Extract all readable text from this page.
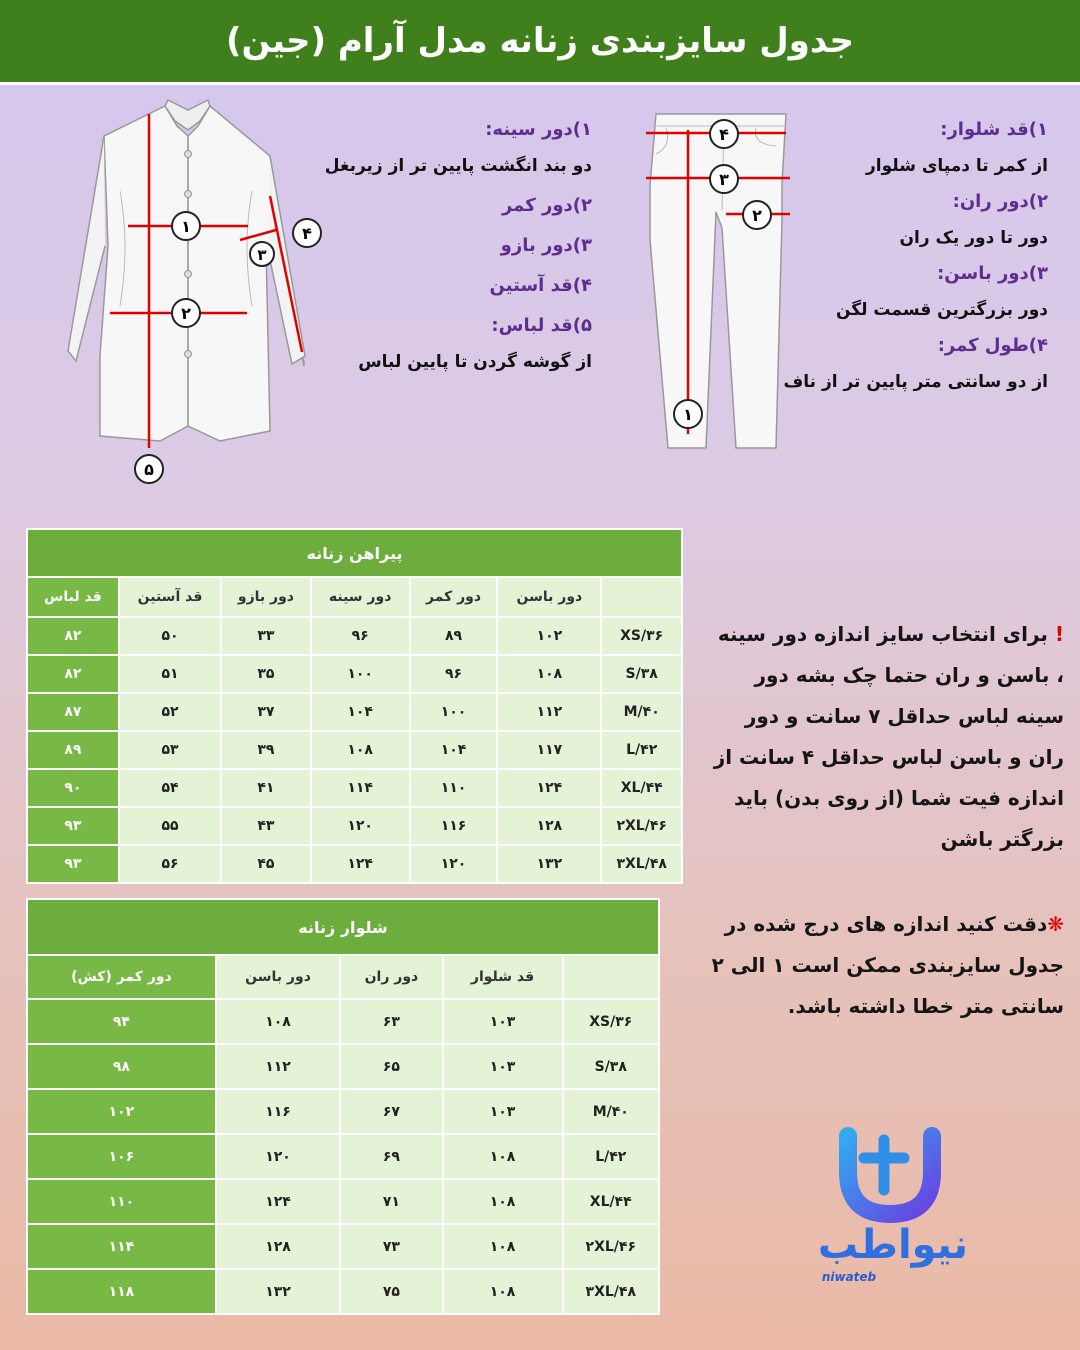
جدول سایزبندی زنانه مدل آرام (جین)
۱
۲
۳
۴
۵

۱)دور سینه:

دو بند انگشت پایین تر از زیربغل

۲)دور کمر

۳)دور بازو

۴)قد آستین

۵)قد لباس:

از گوشه گردن تا پایین لباس

۴
۳
۲
۱

۱)قد شلوار:

از کمر تا دمپای شلوار

۲)دور ران:

دور تا دور یک ران

۳)دور باسن:

دور بزرگترین قسمت لگن

۴)طول کمر:

از دو سانتی متر پایین تر از ناف

پیراهن زنانه						
	دور باسن	دور کمر	دور سینه	دور بازو	قد آستین	قد لباس
XS/۳۶	۱۰۲	۸۹	۹۶	۳۳	۵۰	۸۲
S/۳۸	۱۰۸	۹۶	۱۰۰	۳۵	۵۱	۸۲
M/۴۰	۱۱۲	۱۰۰	۱۰۴	۳۷	۵۲	۸۷
L/۴۲	۱۱۷	۱۰۴	۱۰۸	۳۹	۵۳	۸۹
XL/۴۴	۱۲۴	۱۱۰	۱۱۴	۴۱	۵۴	۹۰
۲XL/۴۶	۱۲۸	۱۱۶	۱۲۰	۴۳	۵۵	۹۳
۳XL/۴۸	۱۳۲	۱۲۰	۱۲۴	۴۵	۵۶	۹۳
شلوار زنانه				
	قد شلوار	دور ران	دور باسن	دور کمر (کش)
XS/۳۶	۱۰۳	۶۳	۱۰۸	۹۴
S/۳۸	۱۰۳	۶۵	۱۱۲	۹۸
M/۴۰	۱۰۳	۶۷	۱۱۶	۱۰۲
L/۴۲	۱۰۸	۶۹	۱۲۰	۱۰۶
XL/۴۴	۱۰۸	۷۱	۱۲۴	۱۱۰
۲XL/۴۶	۱۰۸	۷۳	۱۲۸	۱۱۴
۳XL/۴۸	۱۰۸	۷۵	۱۳۲	۱۱۸

! برای انتخاب سایز اندازه دور سینه ، باسن و ران حتما چک بشه دور سینه لباس حداقل ۷ سانت و دور ران و باسن لباس حداقل ۴ سانت از اندازه فیت شما (از روی بدن) باید بزرگتر باشن

❋دقت کنید اندازه های درج شده در جدول سایزبندی ممکن است ۱ الی ۲ سانتی متر خطا داشته باشد.

نیواطب
niwateb
